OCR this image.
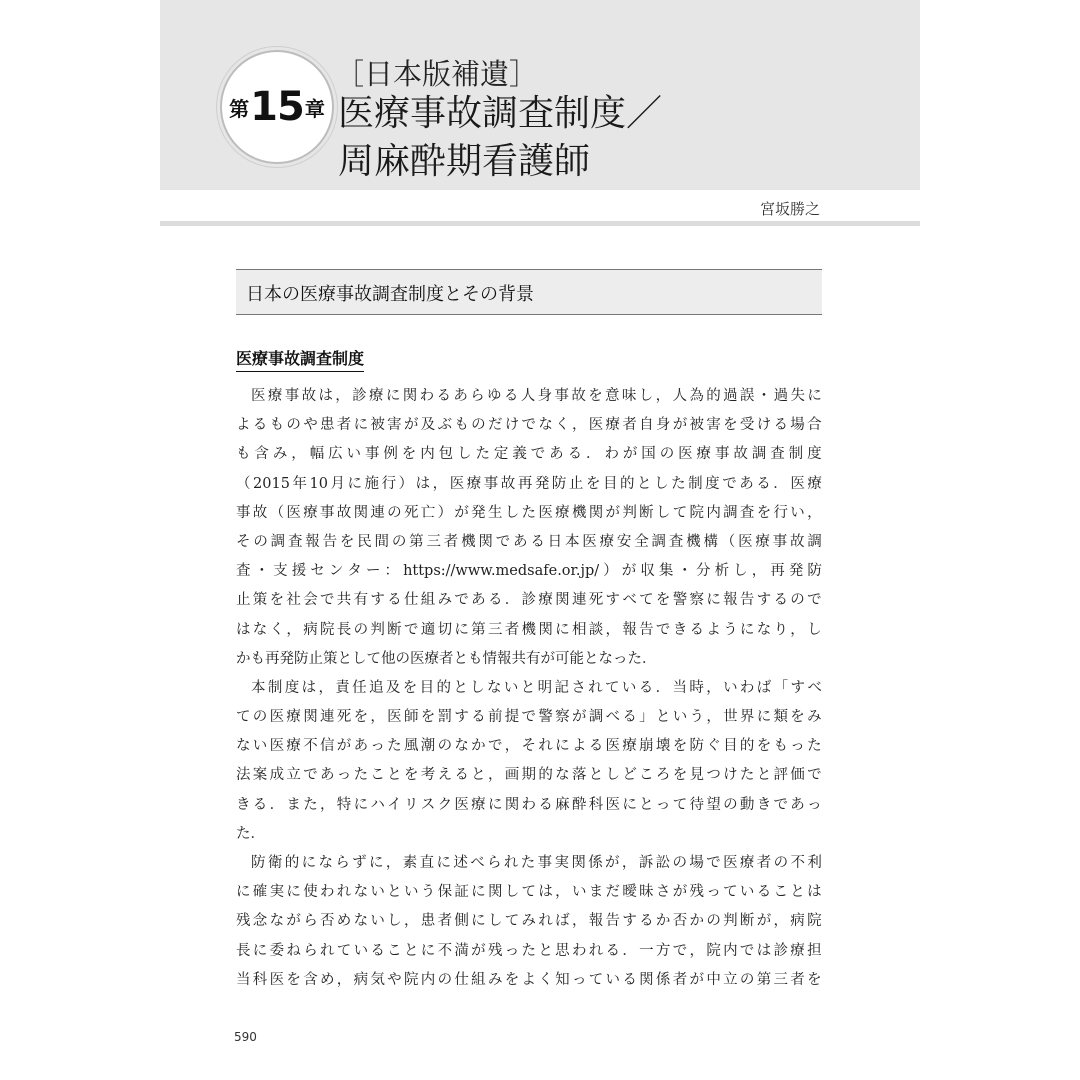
第 15 章
［日本版補遺］
医療事故調査制度／
周麻酔期看護師
宮坂勝之
日本の医療事故調査制度とその背景
医療事故調査制度
医 療 事 故 は ， 診 療 に 関 わ る あ ら ゆ る 人 身 事 故 を 意 味 し ， 人 為 的 過 誤 ・ 過 失 に
よ る も の や 患 者 に 被 害 が 及 ぶ も の だ け で な く ， 医 療 者 自 身 が 被 害 を 受 け る 場 合
も 含 み ， 幅 広 い 事 例 を 内 包 し た 定 義 で あ る ． わ が 国 の 医 療 事 故 調 査 制 度
（ 2015 年 10 月 に 施 行 ） は ， 医 療 事 故 再 発 防 止 を 目 的 と し た 制 度 で あ る ． 医 療
事 故 （ 医 療 事 故 関 連 の 死 亡 ） が 発 生 し た 医 療 機 関 が 判 断 し て 院 内 調 査 を 行 い ，
そ の 調 査 報 告 を 民 間 の 第 三 者 機 関 で あ る 日 本 医 療 安 全 調 査 機 構 （ 医 療 事 故 調
査 ・ 支 援 セ ン タ ー ： https://www.medsafe.or.jp/ ） が 収 集 ・ 分 析 し ， 再 発 防
止 策 を 社 会 で 共 有 す る 仕 組 み で あ る ． 診 療 関 連 死 す べ て を 警 察 に 報 告 す る の で
は な く ， 病 院 長 の 判 断 で 適 切 に 第 三 者 機 関 に 相 談 ， 報 告 で き る よ う に な り ， し
かも再発防止策として他の医療者とも情報共有が可能となった．
本 制 度 は ， 責 任 追 及 を 目 的 と し な い と 明 記 さ れ て い る ． 当 時 ， い わ ば 「 す べ
て の 医 療 関 連 死 を ， 医 師 を 罰 す る 前 提 で 警 察 が 調 べ る 」 と い う ， 世 界 に 類 を み
な い 医 療 不 信 が あ っ た 風 潮 の な か で ， そ れ に よ る 医 療 崩 壊 を 防 ぐ 目 的 を も っ た
法 案 成 立 で あ っ た こ と を 考 え る と ， 画 期 的 な 落 と し ど こ ろ を 見 つ け た と 評 価 で
き る ． ま た ， 特 に ハ イ リ ス ク 医 療 に 関 わ る 麻 酔 科 医 に と っ て 待 望 の 動 き で あ っ
た．
防 衛 的 に な ら ず に ， 素 直 に 述 べ ら れ た 事 実 関 係 が ， 訴 訟 の 場 で 医 療 者 の 不 利
に 確 実 に 使 わ れ な い と い う 保 証 に 関 し て は ， い ま だ 曖 昧 さ が 残 っ て い る こ と は
残 念 な が ら 否 め な い し ， 患 者 側 に し て み れ ば ， 報 告 す る か 否 か の 判 断 が ， 病 院
長 に 委 ね ら れ て い る こ と に 不 満 が 残 っ た と 思 わ れ る ． 一 方 で ， 院 内 で は 診 療 担
当 科 医 を 含 め ， 病 気 や 院 内 の 仕 組 み を よ く 知 っ て い る 関 係 者 が 中 立 の 第 三 者 を
590
